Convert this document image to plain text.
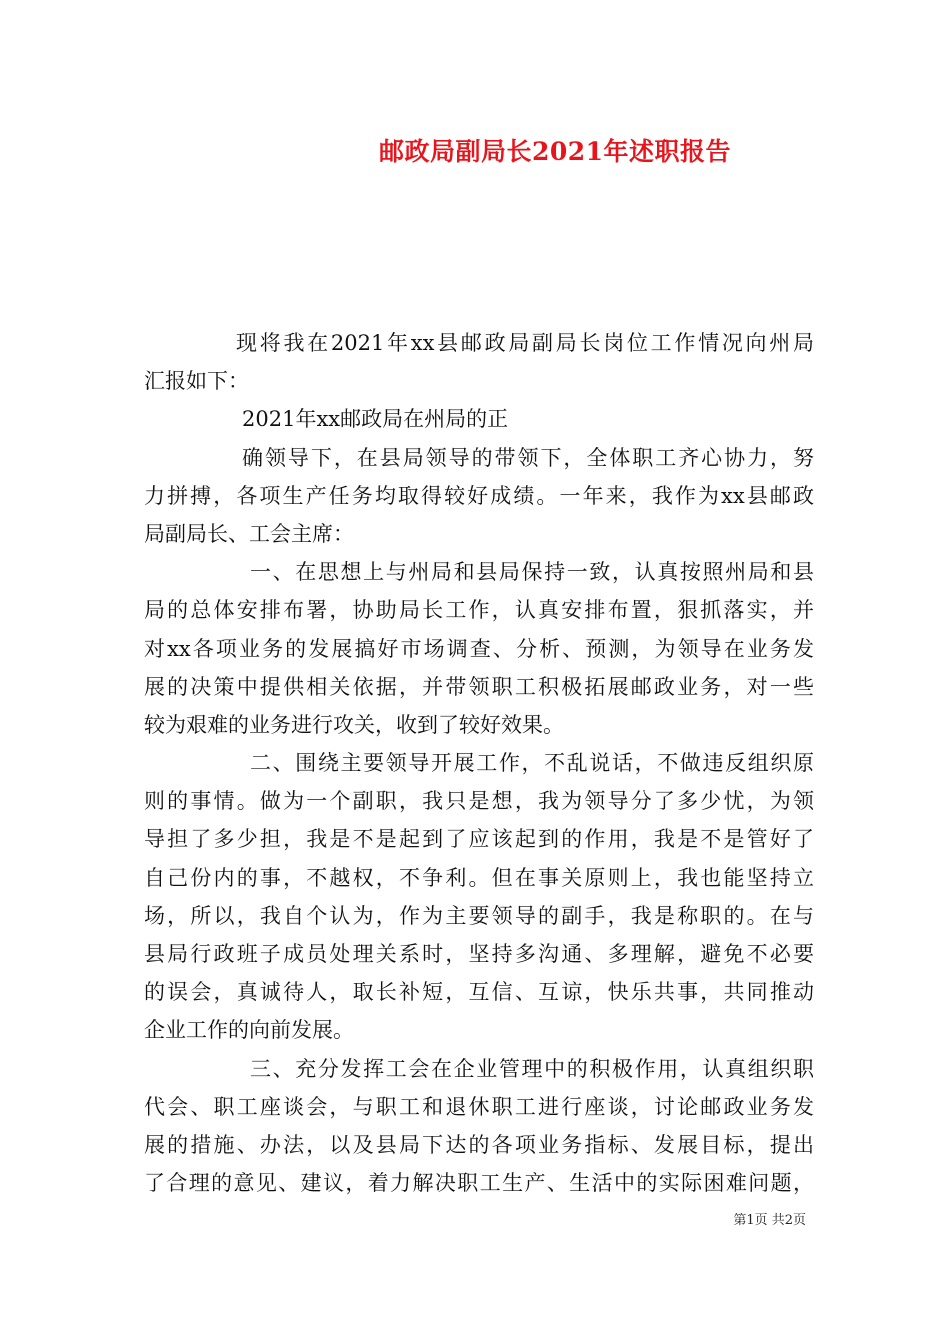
邮政局副局长2021年述职报告
现将我在2021年xx县邮政局副局长岗位工作情况向州局
汇报如下：
2021年xx邮政局在州局的正
确领导下，在县局领导的带领下，全体职工齐心协力，努
力拼搏，各项生产任务均取得较好成绩。一年来，我作为xx县邮政
局副局长、工会主席：
一、在思想上与州局和县局保持一致，认真按照州局和县
局的总体安排布署，协助局长工作，认真安排布置，狠抓落实，并
对xx各项业务的发展搞好市场调查、分析、预测，为领导在业务发
展的决策中提供相关依据，并带领职工积极拓展邮政业务，对一些
较为艰难的业务进行攻关，收到了较好效果。
二、围绕主要领导开展工作，不乱说话，不做违反组织原
则的事情。做为一个副职，我只是想，我为领导分了多少忧，为领
导担了多少担，我是不是起到了应该起到的作用，我是不是管好了
自己份内的事，不越权，不争利。但在事关原则上，我也能坚持立
场，所以，我自个认为，作为主要领导的副手，我是称职的。在与
县局行政班子成员处理关系时，坚持多沟通、多理解，避免不必要
的误会，真诚待人，取长补短，互信、互谅，快乐共事，共同推动
企业工作的向前发展。
三、充分发挥工会在企业管理中的积极作用，认真组织职
代会、职工座谈会，与职工和退休职工进行座谈，讨论邮政业务发
展的措施、办法，以及县局下达的各项业务指标、发展目标，提出
了合理的意见、建议，着力解决职工生产、生活中的实际困难问题，
第1页 共2页
